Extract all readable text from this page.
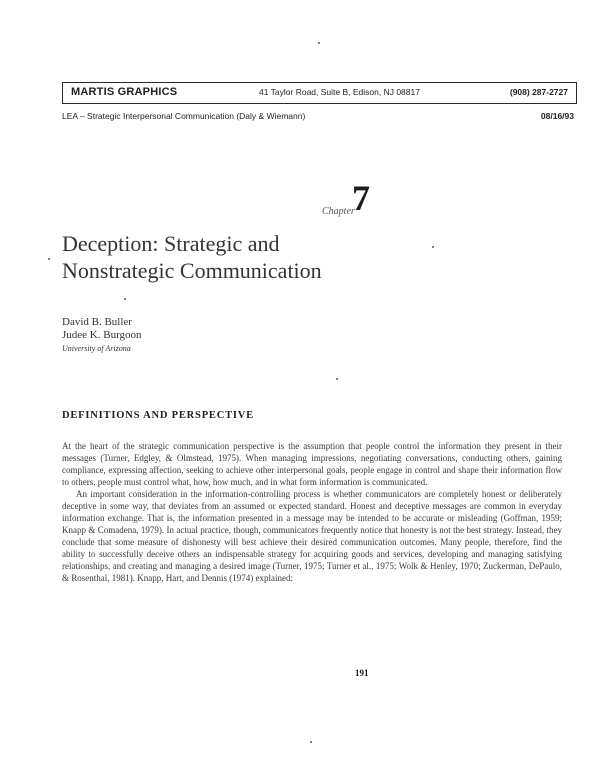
MARTIS GRAPHICS	41 Taylor Road, Suite B, Edison, NJ 08817	(908) 287-2727
LEA – Strategic Interpersonal Communication (Daly & Wiemann)	08/16/93
Chapter
7
Deception: Strategic and
Nonstrategic Communication
David B. Buller
Judee K. Burgoon
University of Arizona
DEFINITIONS AND PERSPECTIVE

At the heart of the strategic communication perspective is the assumption that people control the information they present in their messages (Turner, Edgley, & Olmstead, 1975). When managing impressions, negotiating conversations, conducting others, gaining compliance, expressing affection, seeking to achieve other interpersonal goals, people engage in control and shape their information flow to others, people must control what, how, how much, and in what form information is communicated.

An important consideration in the information-controlling process is whether communicators are completely honest or deliberately deceptive in some way, that deviates from an assumed or expected standard. Honest and deceptive messages are common in everyday information exchange. That is, the information presented in a message may be intended to be accurate or misleading (Goffman, 1959; Knapp & Comadena, 1979). In actual practice, though, communicators frequently notice that honesty is not the best strategy. Instead, they conclude that some measure of dishonesty will best achieve their desired communication outcomes. Many people, therefore, find the ability to successfully deceive others an indispensable strategy for acquiring goods and services, developing and managing satisfying relationships, and creating and managing a desired image (Turner, 1975; Turner et al., 1975; Wolk & Henley, 1970; Zuckerman, DePaulo, & Rosenthal, 1981). Knapp, Hart, and Dennis (1974) explained:

191
